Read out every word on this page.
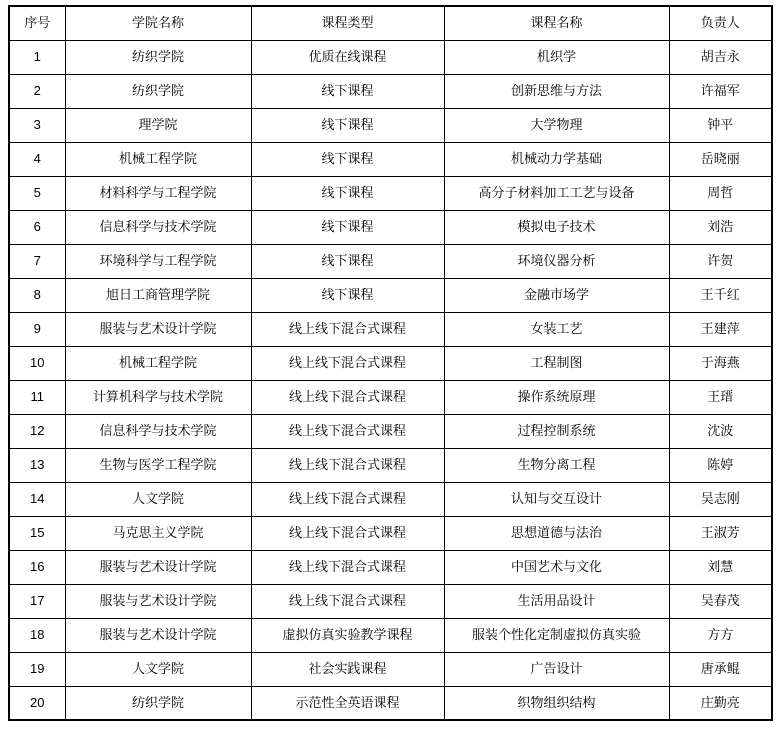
序号	学院名称	课程类型	课程名称	负责人
1	纺织学院	优质在线课程	机织学	胡吉永
2	纺织学院	线下课程	创新思维与方法	许福军
3	理学院	线下课程	大学物理	钟平
4	机械工程学院	线下课程	机械动力学基础	岳晓丽
5	材料科学与工程学院	线下课程	高分子材料加工工艺与设备	周哲
6	信息科学与技术学院	线下课程	模拟电子技术	刘浩
7	环境科学与工程学院	线下课程	环境仪器分析	许贺
8	旭日工商管理学院	线下课程	金融市场学	王千红
9	服装与艺术设计学院	线上线下混合式课程	女装工艺	王建萍
10	机械工程学院	线上线下混合式课程	工程制图	于海燕
11	计算机科学与技术学院	线上线下混合式课程	操作系统原理	王瑨
12	信息科学与技术学院	线上线下混合式课程	过程控制系统	沈波
13	生物与医学工程学院	线上线下混合式课程	生物分离工程	陈婷
14	人文学院	线上线下混合式课程	认知与交互设计	吴志刚
15	马克思主义学院	线上线下混合式课程	思想道德与法治	王淑芳
16	服装与艺术设计学院	线上线下混合式课程	中国艺术与文化	刘慧
17	服装与艺术设计学院	线上线下混合式课程	生活用品设计	吴春茂
18	服装与艺术设计学院	虚拟仿真实验教学课程	服装个性化定制虚拟仿真实验	方方
19	人文学院	社会实践课程	广告设计	唐承鲲
20	纺织学院	示范性全英语课程	织物组织结构	庄勤亮
